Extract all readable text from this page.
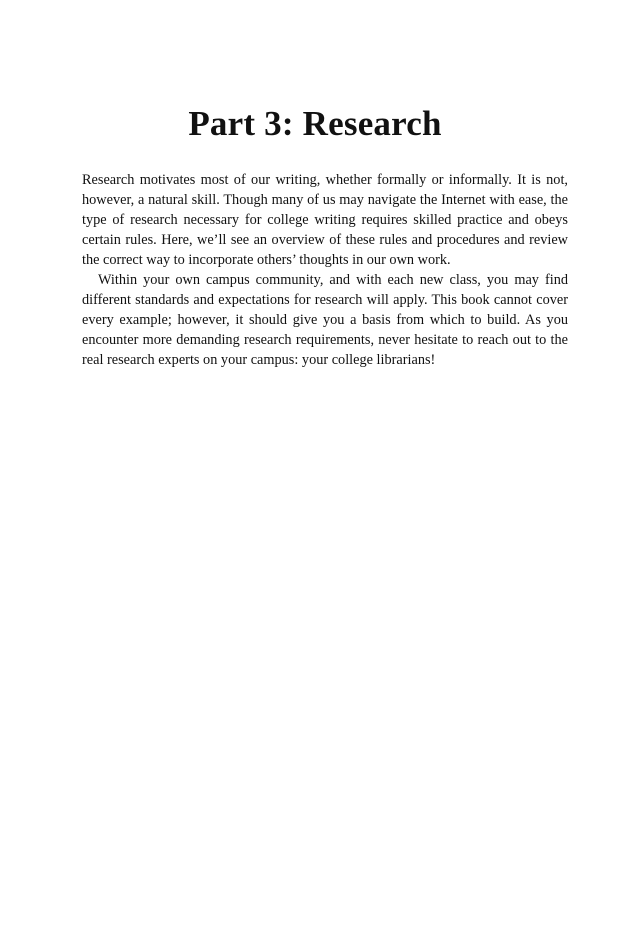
Part 3: Research

Research motivates most of our writing, whether formally or informally. It is not, however, a natural skill. Though many of us may navigate the Internet with ease, the type of research necessary for college writing requires skilled practice and obeys certain rules. Here, we’ll see an overview of these rules and procedures and review the correct way to incorporate others’ thoughts in our own work.

Within your own campus community, and with each new class, you may find different standards and expectations for research will apply. This book cannot cover every example; however, it should give you a basis from which to build. As you encounter more demanding research requirements, never hesitate to reach out to the real research experts on your campus: your college librarians!
